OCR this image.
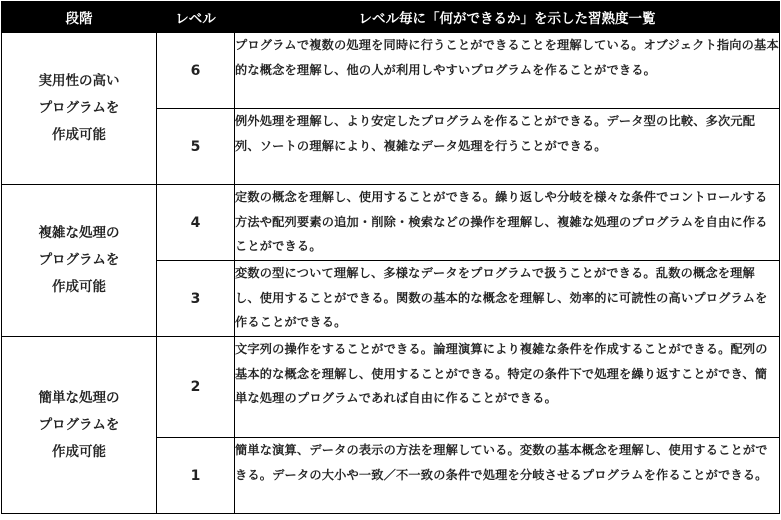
段階	レベル	レベル毎に「何ができるか」を示した習熟度一覧

実用性の高い
プログラムを
作成可能	6	プログラムで複数の処理を同時に行うことができることを理解している。オブジェクト指向の基本的な概念を理解し、他の人が利用しやすいプログラムを作ることができる。
	5	例外処理を理解し、より安定したプログラムを作ることができる。データ型の比較、多次元配列、ソートの理解により、複雑なデータ処理を行うことができる。

複雑な処理の
プログラムを
作成可能	4	定数の概念を理解し、使用することができる。繰り返しや分岐を様々な条件でコントロールする方法や配列要素の追加・削除・検索などの操作を理解し、複雑な処理のプログラムを自由に作ることができる。
	3	変数の型について理解し、多様なデータをプログラムで扱うことができる。乱数の概念を理解し、使用することができる。関数の基本的な概念を理解し、効率的に可読性の高いプログラムを作ることができる。

簡単な処理の
プログラムを
作成可能	2	文字列の操作をすることができる。論理演算により複雑な条件を作成することができる。配列の基本的な概念を理解し、使用することができる。特定の条件下で処理を繰り返すことができ、簡単な処理のプログラムであれば自由に作ることができる。
	1	簡単な演算、データの表示の方法を理解している。変数の基本概念を理解し、使用することができる。データの大小や一致／不一致の条件で処理を分岐させるプログラムを作ることができる。
